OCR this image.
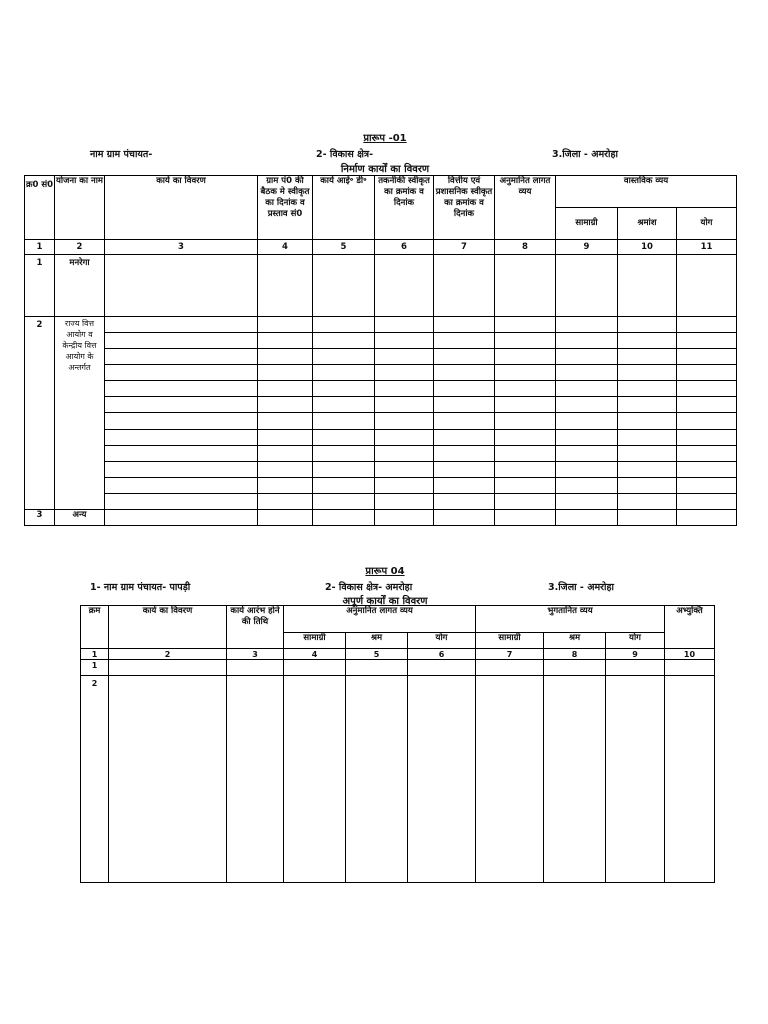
प्रारूप -01
नाम ग्राम पंचायत-	2- विकास क्षेत्र-	3.जिला - अमरोहा
निर्माण कार्यों का विवरण
क्र0 सं0	योजना का नाम	कार्य का विवरण	ग्राम पं0 की बैठक मे स्वीकृत का दिनांक व प्रस्ताव सं0	कार्य आई॰ डी॰	तकनीकी स्वीकृत का क्रमांक व दिनांक	वित्तीय एवं प्रशासनिक स्वीकृत का क्रमांक व दिनांक	अनुमानित लागत व्यय	वास्तविक व्यय		
								सामाग्री	श्रमांश	योग
1	2	3	4	5	6	7	8	9	10	11
1	मनरेगा									
2	राज्य वित्त आयोग व केन्द्रीय वित्त आयोग के अन्तर्गत									

3	अन्य									
प्रारूप 04
1- नाम ग्राम पंचायत- पापड़ी	2- विकास क्षेत्र- अमरोहा	3.जिला - अमरोहा
अपूर्ण कार्यों का विवरण
क्रम	कार्य का विवरण	कार्य आरंभ होने की तिथि	अनुमानित लागत व्यय			भुगतानित व्यय			अभ्युक्ति
			सामाग्री	श्रम	योग	सामाग्री	श्रम	योग	
1	2	3	4	5	6	7	8	9	10
1									
2									
